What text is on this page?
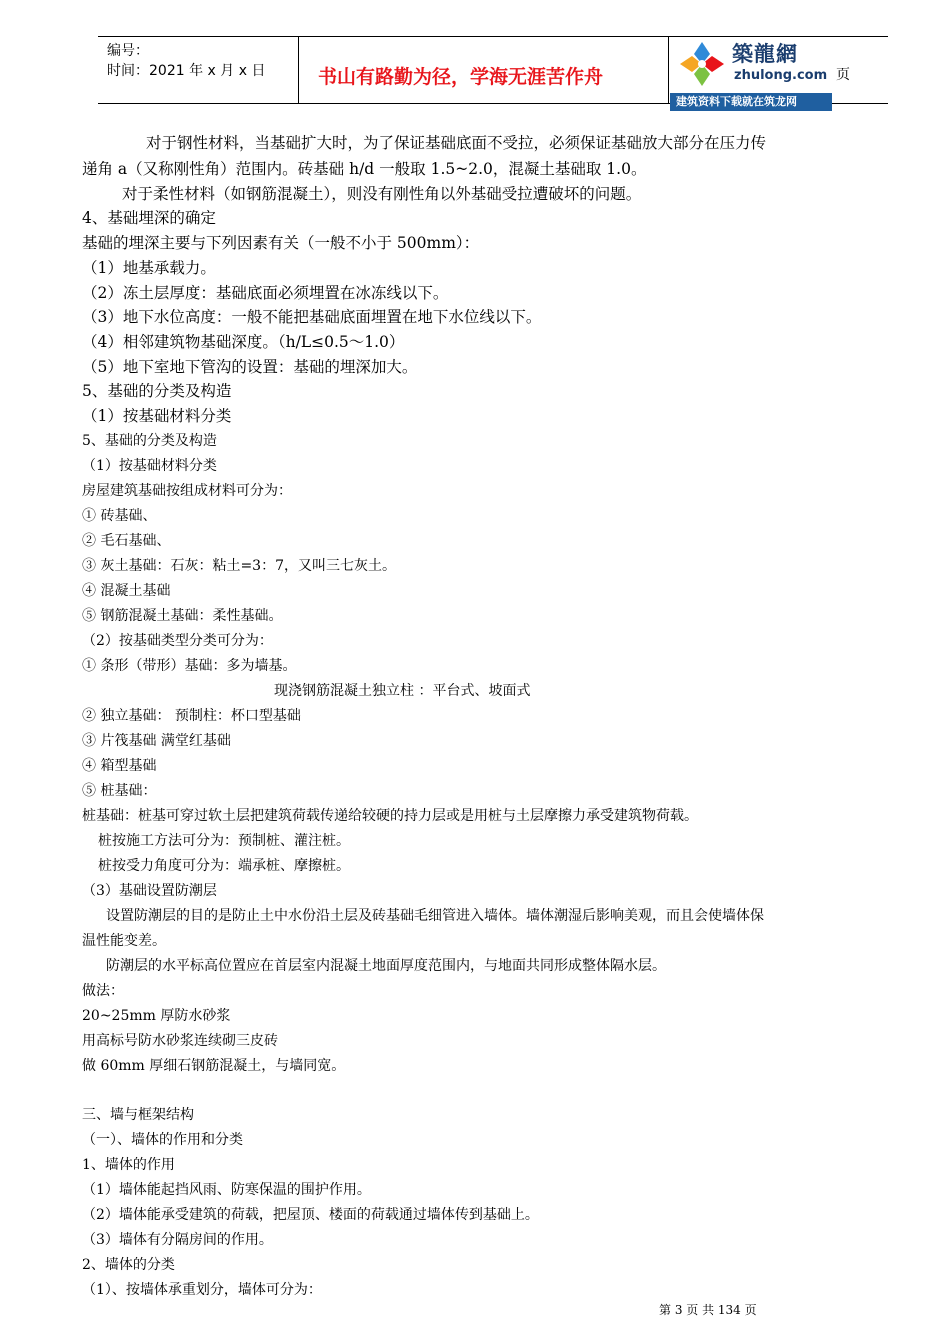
编号：
时间：2021 年 x 月 x 日	书山有路勤为径，学海无涯苦作舟
築龍網
zhulong.com
建筑资料下载就在筑龙网
页
对于钢性材料，当基础扩大时，为了保证基础底面不受拉，必须保证基础放大部分在压力传
递角 a（又称刚性角）范围内。砖基础 h/d 一般取 1.5~2.0，混凝土基础取 1.0。
对于柔性材料（如钢筋混凝土），则没有刚性角以外基础受拉遭破坏的问题。
4、基础埋深的确定
基础的埋深主要与下列因素有关（一般不小于 500mm）：
（1）地基承载力。
（2）冻土层厚度：基础底面必须埋置在冰冻线以下。
（3）地下水位高度：一般不能把基础底面埋置在地下水位线以下。
（4）相邻建筑物基础深度。（h/L≤0.5～1.0）
（5）地下室地下管沟的设置：基础的埋深加大。
5、基础的分类及构造
（1）按基础材料分类
5、基础的分类及构造
（1）按基础材料分类
房屋建筑基础按组成材料可分为：
① 砖基础、
② 毛石基础、
③ 灰土基础：石灰：粘土=3：7，又叫三七灰土。
④ 混凝土基础
⑤ 钢筋混凝土基础：柔性基础。
（2）按基础类型分类可分为：
① 条形（带形）基础：多为墙基。
现浇钢筋混凝土独立柱 ：平台式、坡面式
② 独立基础： 预制柱：杯口型基础
③ 片筏基础 满堂红基础
④ 箱型基础
⑤ 桩基础：
桩基础：桩基可穿过软土层把建筑荷载传递给较硬的持力层或是用桩与土层摩擦力承受建筑物荷载。
桩按施工方法可分为：预制桩、灌注桩。
桩按受力角度可分为：端承桩、摩擦桩。
（3）基础设置防潮层
设置防潮层的目的是防止土中水份沿土层及砖基础毛细管进入墙体。墙体潮湿后影响美观，而且会使墙体保
温性能变差。
防潮层的水平标高位置应在首层室内混凝土地面厚度范围内，与地面共同形成整体隔水层。
做法：
20~25mm 厚防水砂浆
用高标号防水砂浆连续砌三皮砖
做 60mm 厚细石钢筋混凝土，与墙同宽。
三、墙与框架结构
（一）、墙体的作用和分类
1、墙体的作用
（1）墙体能起挡风雨、防寒保温的围护作用。
（2）墙体能承受建筑的荷载，把屋顶、楼面的荷载通过墙体传到基础上。
（3）墙体有分隔房间的作用。
2、墙体的分类
（1）、按墙体承重划分，墙体可分为：
第 3 页 共 134 页
